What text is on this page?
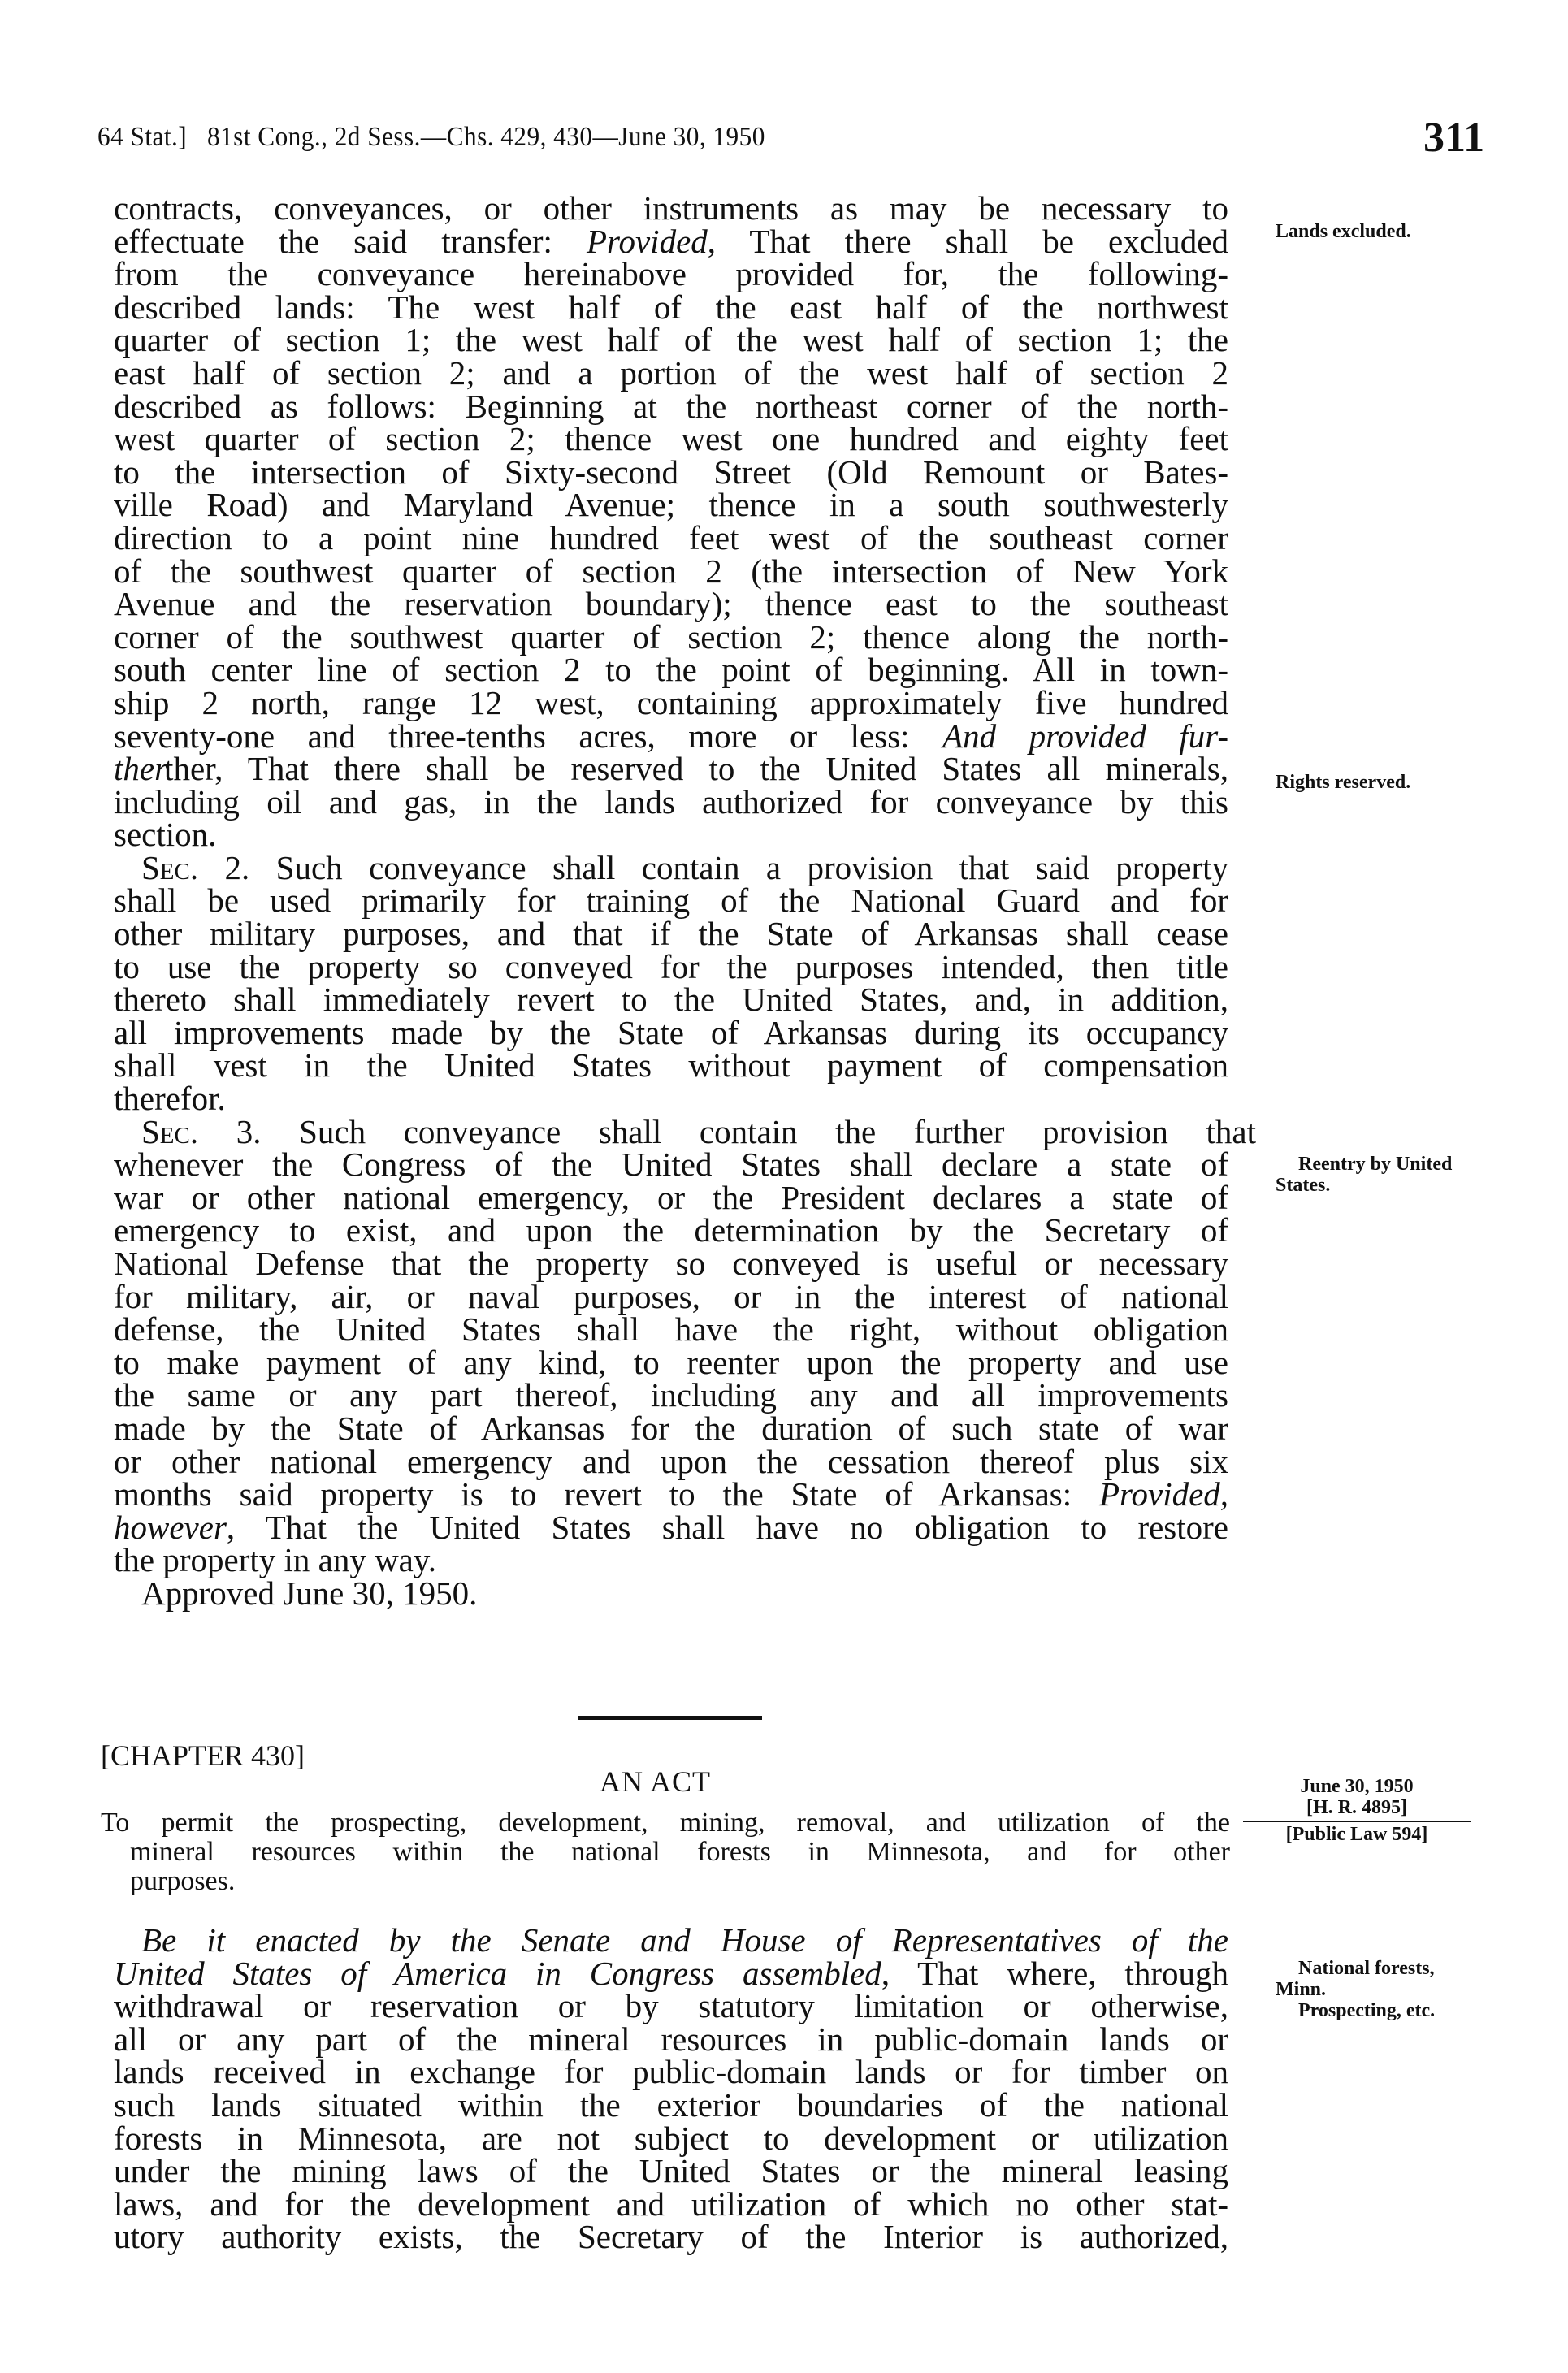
64 Stat.] 81st Cong., 2d Sess.—Chs. 429, 430—June 30, 1950	311
contracts, conveyances, or other instruments as may be necessary to
effectuate the said transfer: Provided, That there shall be excluded
from the conveyance hereinabove provided for, the following-
described lands: The west half of the east half of the northwest
quarter of section 1; the west half of the west half of section 1; the
east half of section 2; and a portion of the west half of section 2
described as follows: Beginning at the northeast corner of the north-
west quarter of section 2; thence west one hundred and eighty feet
to the intersection of Sixty-second Street (Old Remount or Bates-
ville Road) and Maryland Avenue; thence in a south southwesterly
direction to a point nine hundred feet west of the southeast corner
of the southwest quarter of section 2 (the intersection of New York
Avenue and the reservation boundary); thence east to the southeast
corner of the southwest quarter of section 2; thence along the north-
south center line of section 2 to the point of beginning. All in town-
ship 2 north, range 12 west, containing approximately five hundred
seventy-one and three-tenths acres, more or less: And provided fur-
therther, That there shall be reserved to the United States all minerals,
including oil and gas, in the lands authorized for conveyance by this
section.
Sec. 2. Such conveyance shall contain a provision that said property
shall be used primarily for training of the National Guard and for
other military purposes, and that if the State of Arkansas shall cease
to use the property so conveyed for the purposes intended, then title
thereto shall immediately revert to the United States, and, in addition,
all improvements made by the State of Arkansas during its occupancy
shall vest in the United States without payment of compensation
therefor.
Sec. 3. Such conveyance shall contain the further provision that
whenever the Congress of the United States shall declare a state of
war or other national emergency, or the President declares a state of
emergency to exist, and upon the determination by the Secretary of
National Defense that the property so conveyed is useful or necessary
for military, air, or naval purposes, or in the interest of national
defense, the United States shall have the right, without obligation
to make payment of any kind, to reenter upon the property and use
the same or any part thereof, including any and all improvements
made by the State of Arkansas for the duration of such state of war
or other national emergency and upon the cessation thereof plus six
months said property is to revert to the State of Arkansas: Provided,
however, That the United States shall have no obligation to restore
the property in any way.
Approved June 30, 1950.
Lands excluded.
Rights reserved.
Reentry by United
States.
[CHAPTER 430]
AN ACT
To permit the prospecting, development, mining, removal, and utilization of the
mineral resources within the national forests in Minnesota, and for other
purposes.
June 30, 1950
[H. R. 4895]
[Public Law 594]
Be it enacted by the Senate and House of Representatives of the
United States of America in Congress assembled, That where, through
withdrawal or reservation or by statutory limitation or otherwise,
all or any part of the mineral resources in public-domain lands or
lands received in exchange for public-domain lands or for timber on
such lands situated within the exterior boundaries of the national
forests in Minnesota, are not subject to development or utilization
under the mining laws of the United States or the mineral leasing
laws, and for the development and utilization of which no other stat-
utory authority exists, the Secretary of the Interior is authorized,
National forests,
Minn.
Prospecting, etc.
